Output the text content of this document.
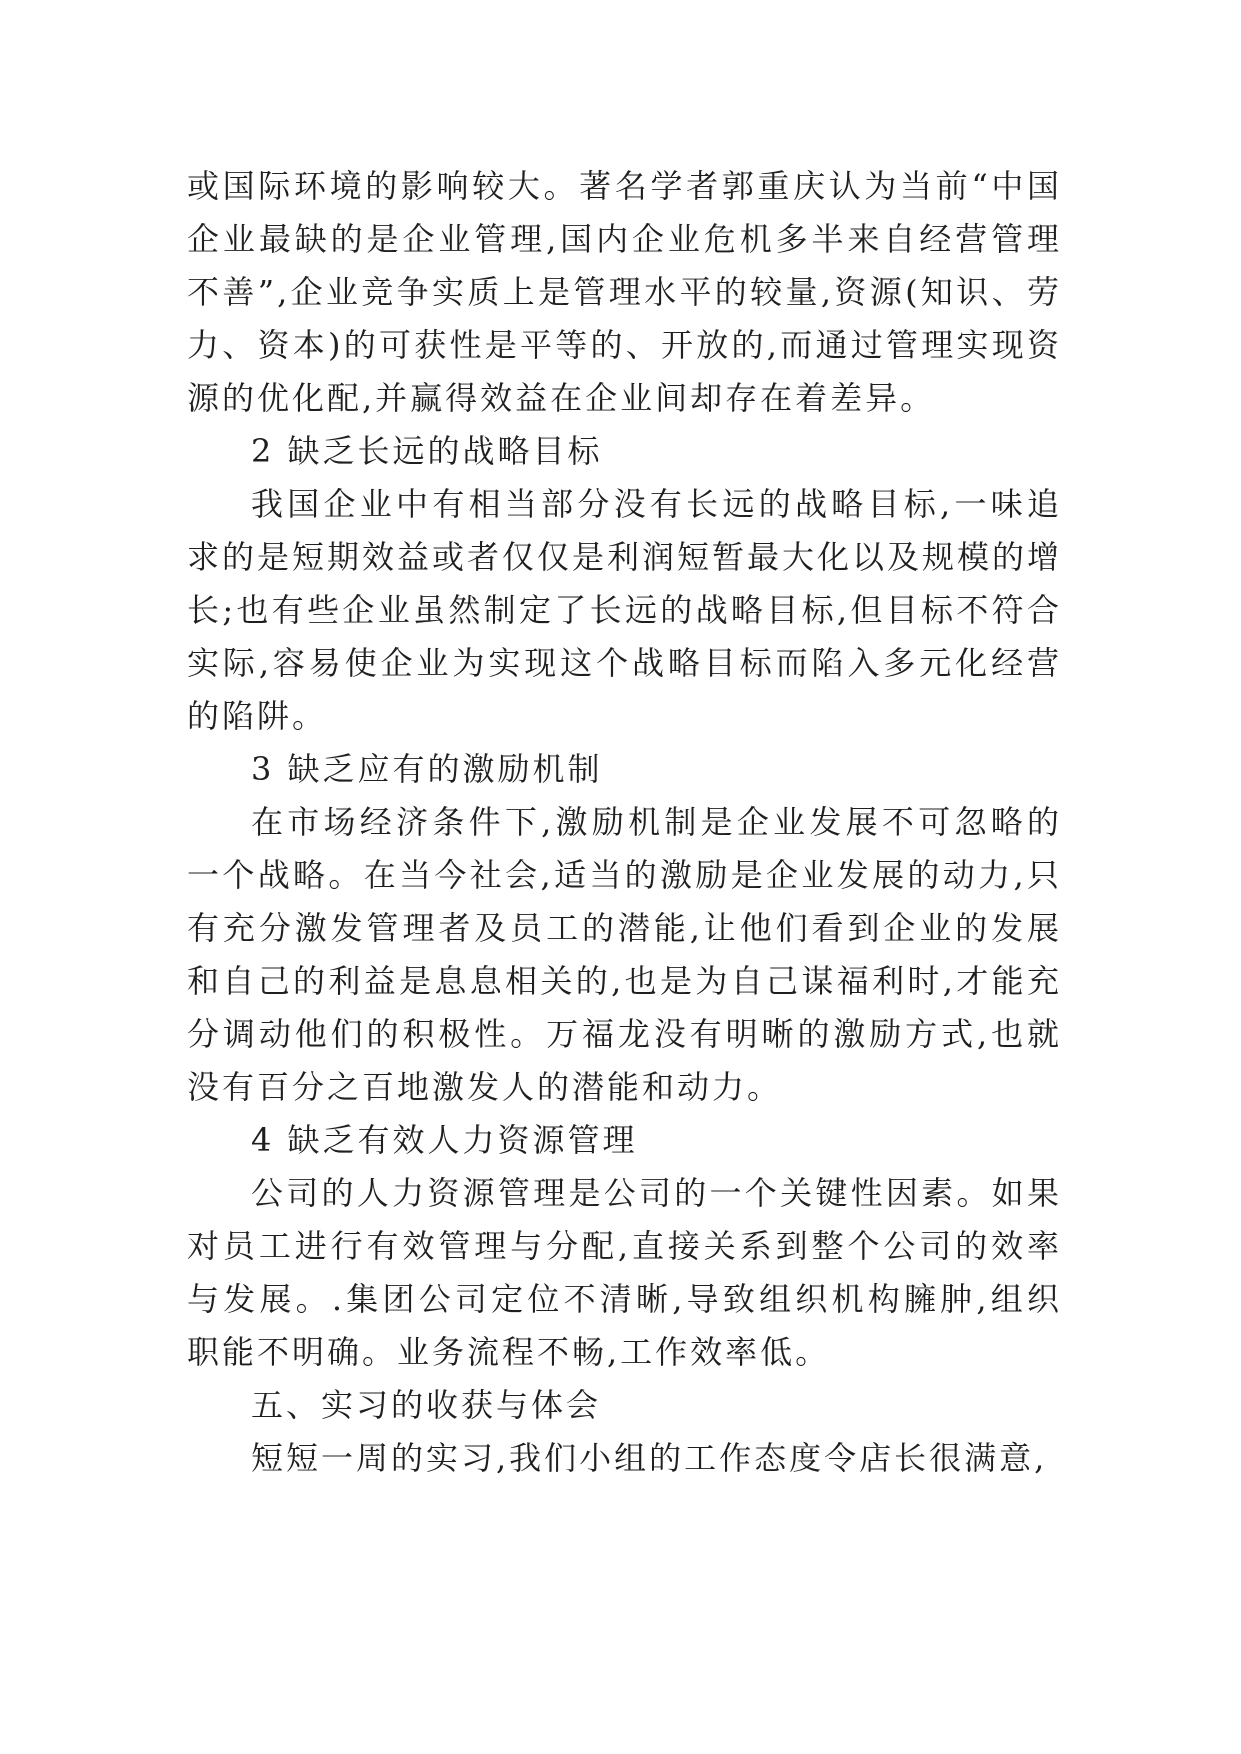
或国际环境的影响较大。著名学者郭重庆认为当前“中国企业最缺的是企业管理,国内企业危机多半来自经营管理不善”,企业竞争实质上是管理水平的较量,资源(知识、劳力、资本)的可获性是平等的、开放的,而通过管理实现资源的优化配,并赢得效益在企业间却存在着差异。

2 缺乏长远的战略目标

我国企业中有相当部分没有长远的战略目标,一味追求的是短期效益或者仅仅是利润短暂最大化以及规模的增长;也有些企业虽然制定了长远的战略目标,但目标不符合实际,容易使企业为实现这个战略目标而陷入多元化经营的陷阱。

3 缺乏应有的激励机制

在市场经济条件下,激励机制是企业发展不可忽略的一个战略。在当今社会,适当的激励是企业发展的动力,只有充分激发管理者及员工的潜能,让他们看到企业的发展和自己的利益是息息相关的,也是为自己谋福利时,才能充分调动他们的积极性。万福龙没有明晰的激励方式,也就没有百分之百地激发人的潜能和动力。

4 缺乏有效人力资源管理

公司的人力资源管理是公司的一个关键性因素。如果对员工进行有效管理与分配,直接关系到整个公司的效率与发展。.集团公司定位不清晰,导致组织机构臃肿,组织职能不明确。业务流程不畅,工作效率低。

五、实习的收获与体会

短短一周的实习,我们小组的工作态度令店长很满意,
